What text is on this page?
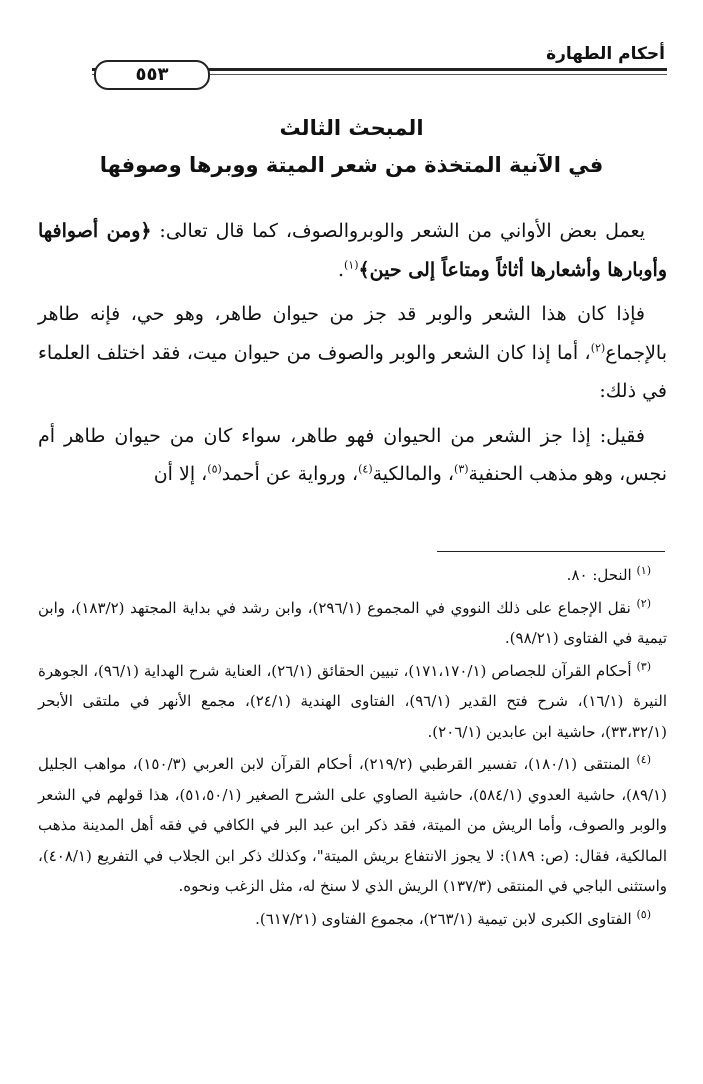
أحكام الطهارة
٥٥٣
المبحث الثالث
في الآنية المتخذة من شعر الميتة ووبرها وصوفها

يعمل بعض الأواني من الشعر والوبروالصوف، كما قال تعالى: ﴿ومن أصوافها وأوبارها وأشعارها أثاثاً ومتاعاً إلى حين﴾$^{(١)}$.

فإذا كان هذا الشعر والوبر قد جز من حيوان طاهر، وهو حي، فإنه طاهر بالإجماع$^{(٢)}$، أما إذا كان الشعر والوبر والصوف من حيوان ميت، فقد اختلف العلماء في ذلك:

فقيل: إذا جز الشعر من الحيوان فهو طاهر، سواء كان من حيوان طاهر أم نجس، وهو مذهب الحنفية$^{(٣)}$، والمالكية$^{(٤)}$، ورواية عن أحمد$^{(٥)}$، إلا أن

$^{(١)}$ النحل: ٨٠.

$^{(٢)}$ نقل الإجماع على ذلك النووي في المجموع (٢٩٦/١)، وابن رشد في بداية المجتهد (١٨٣/٢)، وابن تيمية في الفتاوى (٩٨/٢١).

$^{(٣)}$ أحكام القرآن للجصاص (١٧١،١٧٠/١)، تبيين الحقائق (٢٦/١)، العناية شرح الهداية (٩٦/١)، الجوهرة النيرة (١٦/١)، شرح فتح القدير (٩٦/١)، الفتاوى الهندية (٢٤/١)، مجمع الأنهر في ملتقى الأبحر (٣٣،٣٢/١)، حاشية ابن عابدين (٢٠٦/١).

$^{(٤)}$ المنتقى (١٨٠/١)، تفسير القرطبي (٢١٩/٢)، أحكام القرآن لابن العربي (١٥٠/٣)، مواهب الجليل (٨٩/١)، حاشية العدوي (٥٨٤/١)، حاشية الصاوي على الشرح الصغير (٥١،٥٠/١)، هذا قولهم في الشعر والوبر والصوف، وأما الريش من الميتة، فقد ذكر ابن عبد البر في الكافي في فقه أهل المدينة مذهب المالكية، فقال: (ص: ١٨٩): لا يجوز الانتفاع بريش الميتة"، وكذلك ذكر ابن الجلاب في التفريع (٤٠٨/١)، واستثنى الباجي في المنتقى (١٣٧/٣) الريش الذي لا سنخ له، مثل الزغب ونحوه.

$^{(٥)}$ الفتاوى الكبرى لابن تيمية (٢٦٣/١)، مجموع الفتاوى (٦١٧/٢١).
